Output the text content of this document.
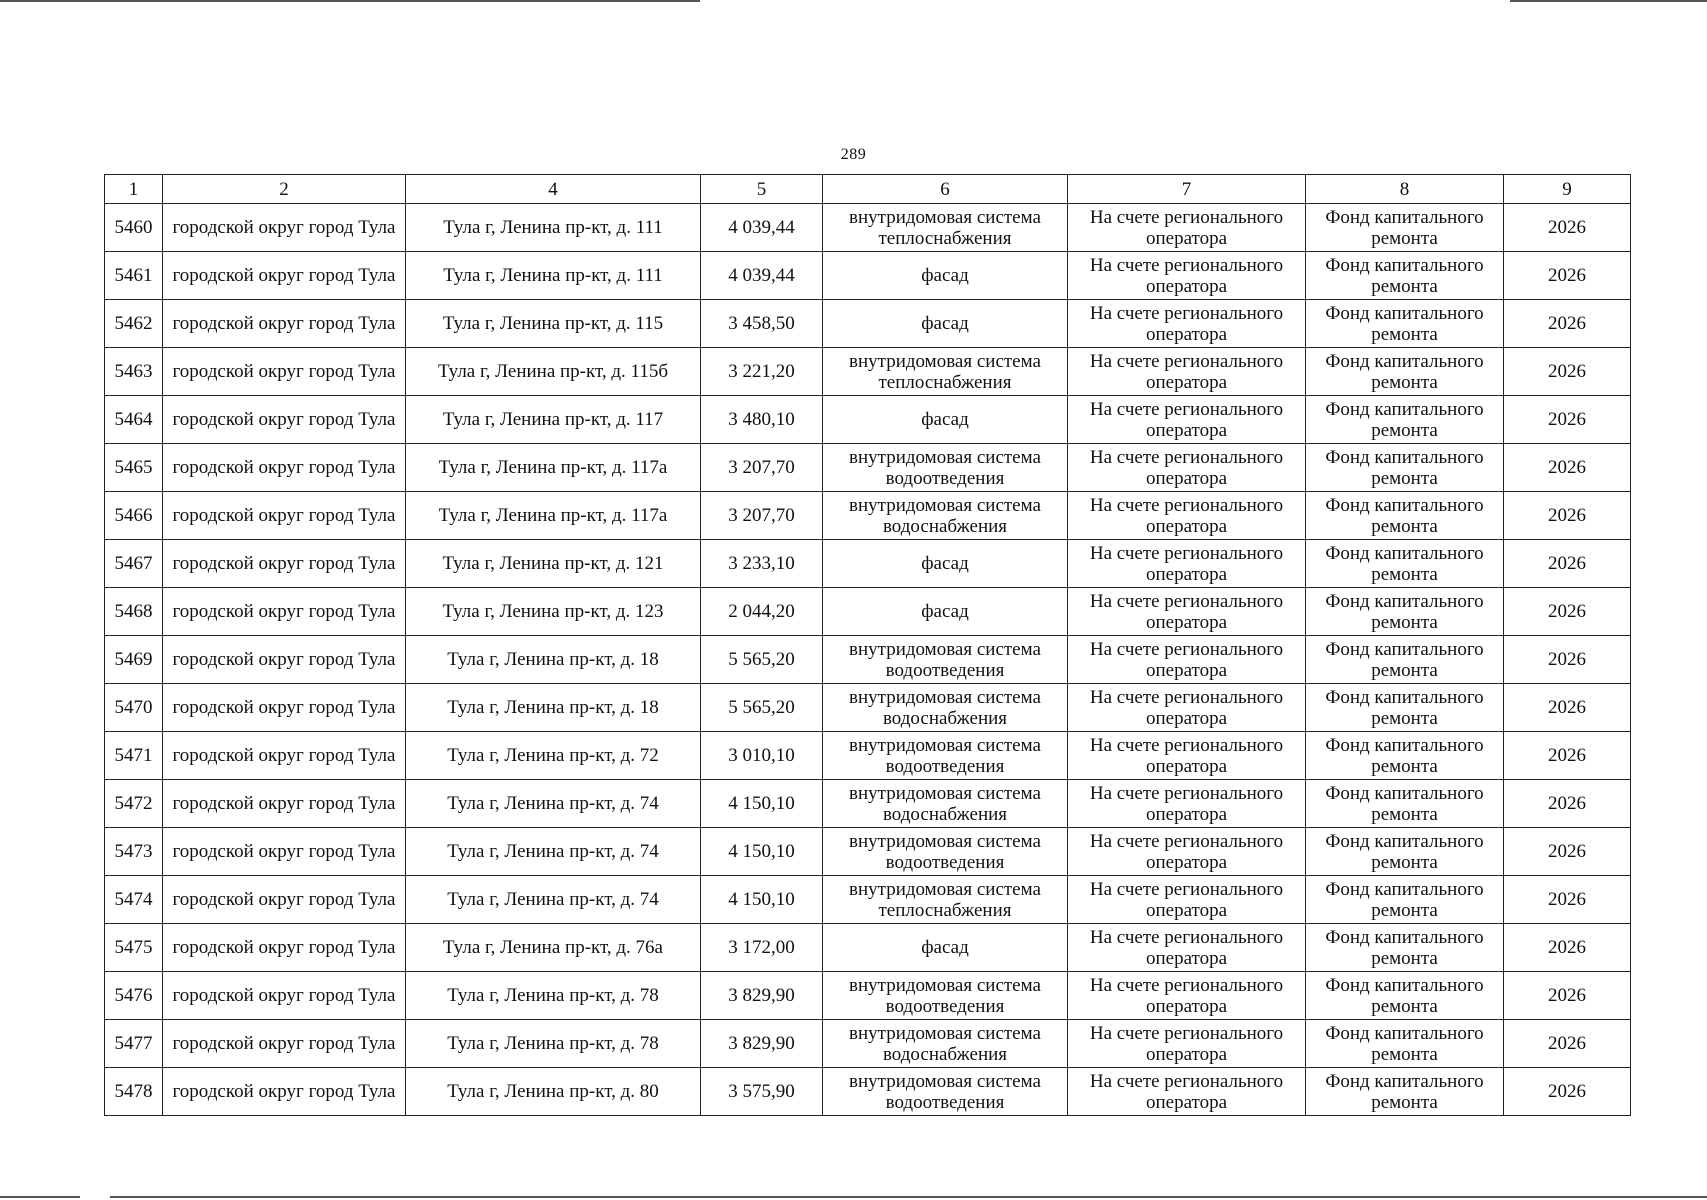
289
1	2	4	5	6	7	8	9
5460	городской округ город Тула	Тула г, Ленина пр-кт, д. 111	4 039,44	внутридомовая система теплоснабжения	На счете регионального оператора	Фонд капитального ремонта	2026
5461	городской округ город Тула	Тула г, Ленина пр-кт, д. 111	4 039,44	фасад	На счете регионального оператора	Фонд капитального ремонта	2026
5462	городской округ город Тула	Тула г, Ленина пр-кт, д. 115	3 458,50	фасад	На счете регионального оператора	Фонд капитального ремонта	2026
5463	городской округ город Тула	Тула г, Ленина пр-кт, д. 115б	3 221,20	внутридомовая система теплоснабжения	На счете регионального оператора	Фонд капитального ремонта	2026
5464	городской округ город Тула	Тула г, Ленина пр-кт, д. 117	3 480,10	фасад	На счете регионального оператора	Фонд капитального ремонта	2026
5465	городской округ город Тула	Тула г, Ленина пр-кт, д. 117а	3 207,70	внутридомовая система водоотведения	На счете регионального оператора	Фонд капитального ремонта	2026
5466	городской округ город Тула	Тула г, Ленина пр-кт, д. 117а	3 207,70	внутридомовая система водоснабжения	На счете регионального оператора	Фонд капитального ремонта	2026
5467	городской округ город Тула	Тула г, Ленина пр-кт, д. 121	3 233,10	фасад	На счете регионального оператора	Фонд капитального ремонта	2026
5468	городской округ город Тула	Тула г, Ленина пр-кт, д. 123	2 044,20	фасад	На счете регионального оператора	Фонд капитального ремонта	2026
5469	городской округ город Тула	Тула г, Ленина пр-кт, д. 18	5 565,20	внутридомовая система водоотведения	На счете регионального оператора	Фонд капитального ремонта	2026
5470	городской округ город Тула	Тула г, Ленина пр-кт, д. 18	5 565,20	внутридомовая система водоснабжения	На счете регионального оператора	Фонд капитального ремонта	2026
5471	городской округ город Тула	Тула г, Ленина пр-кт, д. 72	3 010,10	внутридомовая система водоотведения	На счете регионального оператора	Фонд капитального ремонта	2026
5472	городской округ город Тула	Тула г, Ленина пр-кт, д. 74	4 150,10	внутридомовая система водоснабжения	На счете регионального оператора	Фонд капитального ремонта	2026
5473	городской округ город Тула	Тула г, Ленина пр-кт, д. 74	4 150,10	внутридомовая система водоотведения	На счете регионального оператора	Фонд капитального ремонта	2026
5474	городской округ город Тула	Тула г, Ленина пр-кт, д. 74	4 150,10	внутридомовая система теплоснабжения	На счете регионального оператора	Фонд капитального ремонта	2026
5475	городской округ город Тула	Тула г, Ленина пр-кт, д. 76а	3 172,00	фасад	На счете регионального оператора	Фонд капитального ремонта	2026
5476	городской округ город Тула	Тула г, Ленина пр-кт, д. 78	3 829,90	внутридомовая система водоотведения	На счете регионального оператора	Фонд капитального ремонта	2026
5477	городской округ город Тула	Тула г, Ленина пр-кт, д. 78	3 829,90	внутридомовая система водоснабжения	На счете регионального оператора	Фонд капитального ремонта	2026
5478	городской округ город Тула	Тула г, Ленина пр-кт, д. 80	3 575,90	внутридомовая система водоотведения	На счете регионального оператора	Фонд капитального ремонта	2026
